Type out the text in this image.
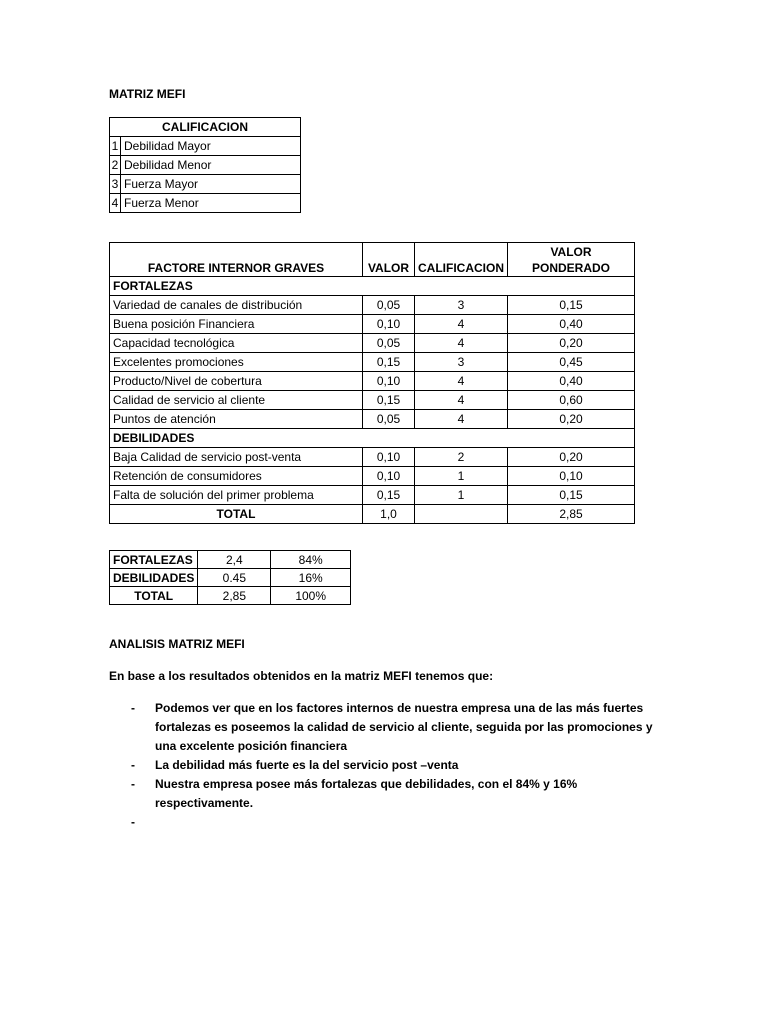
MATRIZ MEFI
CALIFICACION	
1	Debilidad Mayor
2	Debilidad Menor
3	Fuerza Mayor
4	Fuerza Menor
FACTORE INTERNOR GRAVES	VALOR	CALIFICACION	VALOR
PONDERADO

FORTALEZAS			
Variedad de canales de distribución	0,05	3	0,15
Buena posición Financiera	0,10	4	0,40
Capacidad tecnológica	0,05	4	0,20
Excelentes promociones	0,15	3	0,45
Producto/Nivel de cobertura	0,10	4	0,40
Calidad de servicio al cliente	0,15	4	0,60
Puntos de atención	0,05	4	0,20
DEBILIDADES			
Baja Calidad de servicio post-venta	0,10	2	0,20
Retención de consumidores	0,10	1	0,10
Falta de solución del primer problema	0,15	1	0,15
TOTAL	1,0		2,85
FORTALEZAS	2,4	84%
DEBILIDADES	0.45	16%
TOTAL	2,85	100%
ANALISIS MATRIZ MEFI
En base a los resultados obtenidos en la matriz MEFI tenemos que:
- Podemos ver que en los factores internos de nuestra empresa una de las más fuertes fortalezas es poseemos la calidad de servicio al cliente, seguida por las promociones y una excelente posición financiera
- La debilidad más fuerte es la del servicio post –venta
- Nuestra empresa posee más fortalezas que debilidades, con el 84% y 16% respectivamente.
-
